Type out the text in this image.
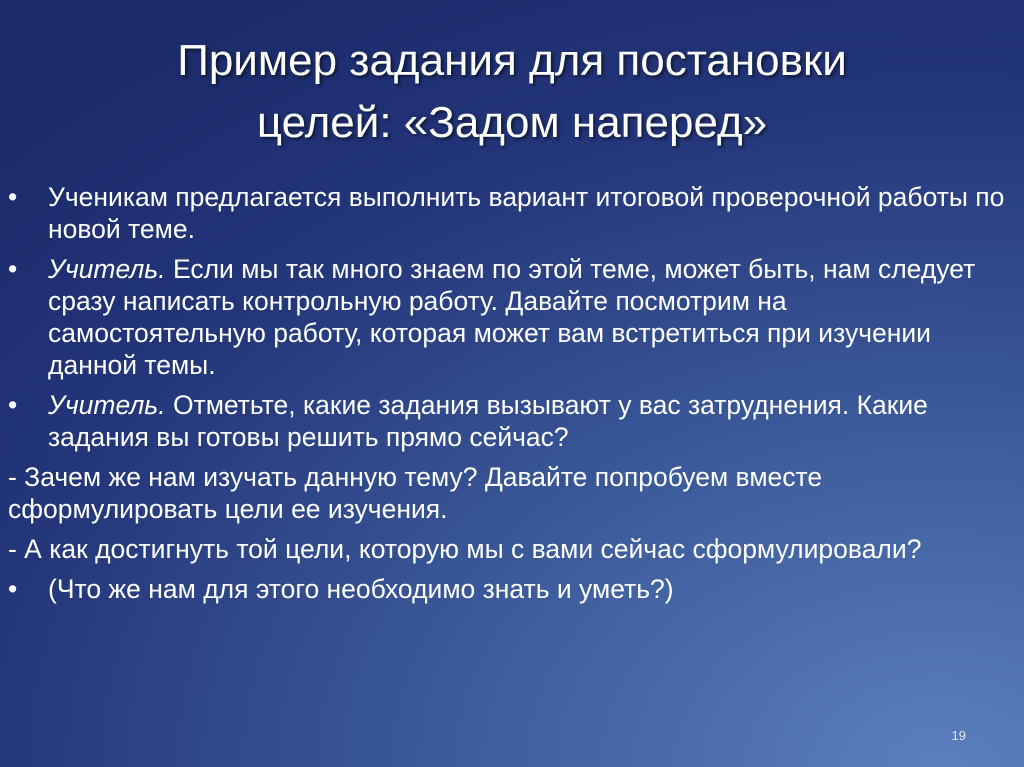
Пример задания для постановки
целей: «Задом наперед»

•	Ученикам предлагается выполнить вариант итоговой проверочной работы по новой теме.

•	Учитель. Если мы так много знаем по этой теме, может быть, нам следует сразу написать контрольную работу. Давайте посмотрим на самостоятельную работу, которая может вам встретиться при изучении данной темы.

•	Учитель. Отметьте, какие задания вызывают у вас затруднения. Какие задания вы готовы решить прямо сейчас?

- Зачем же нам изучать данную тему? Давайте попробуем вместе сформулировать цели ее изучения.

- А как достигнуть той цели, которую мы с вами сейчас сформулировали?

•	(Что же нам для этого необходимо знать и уметь?)

19
